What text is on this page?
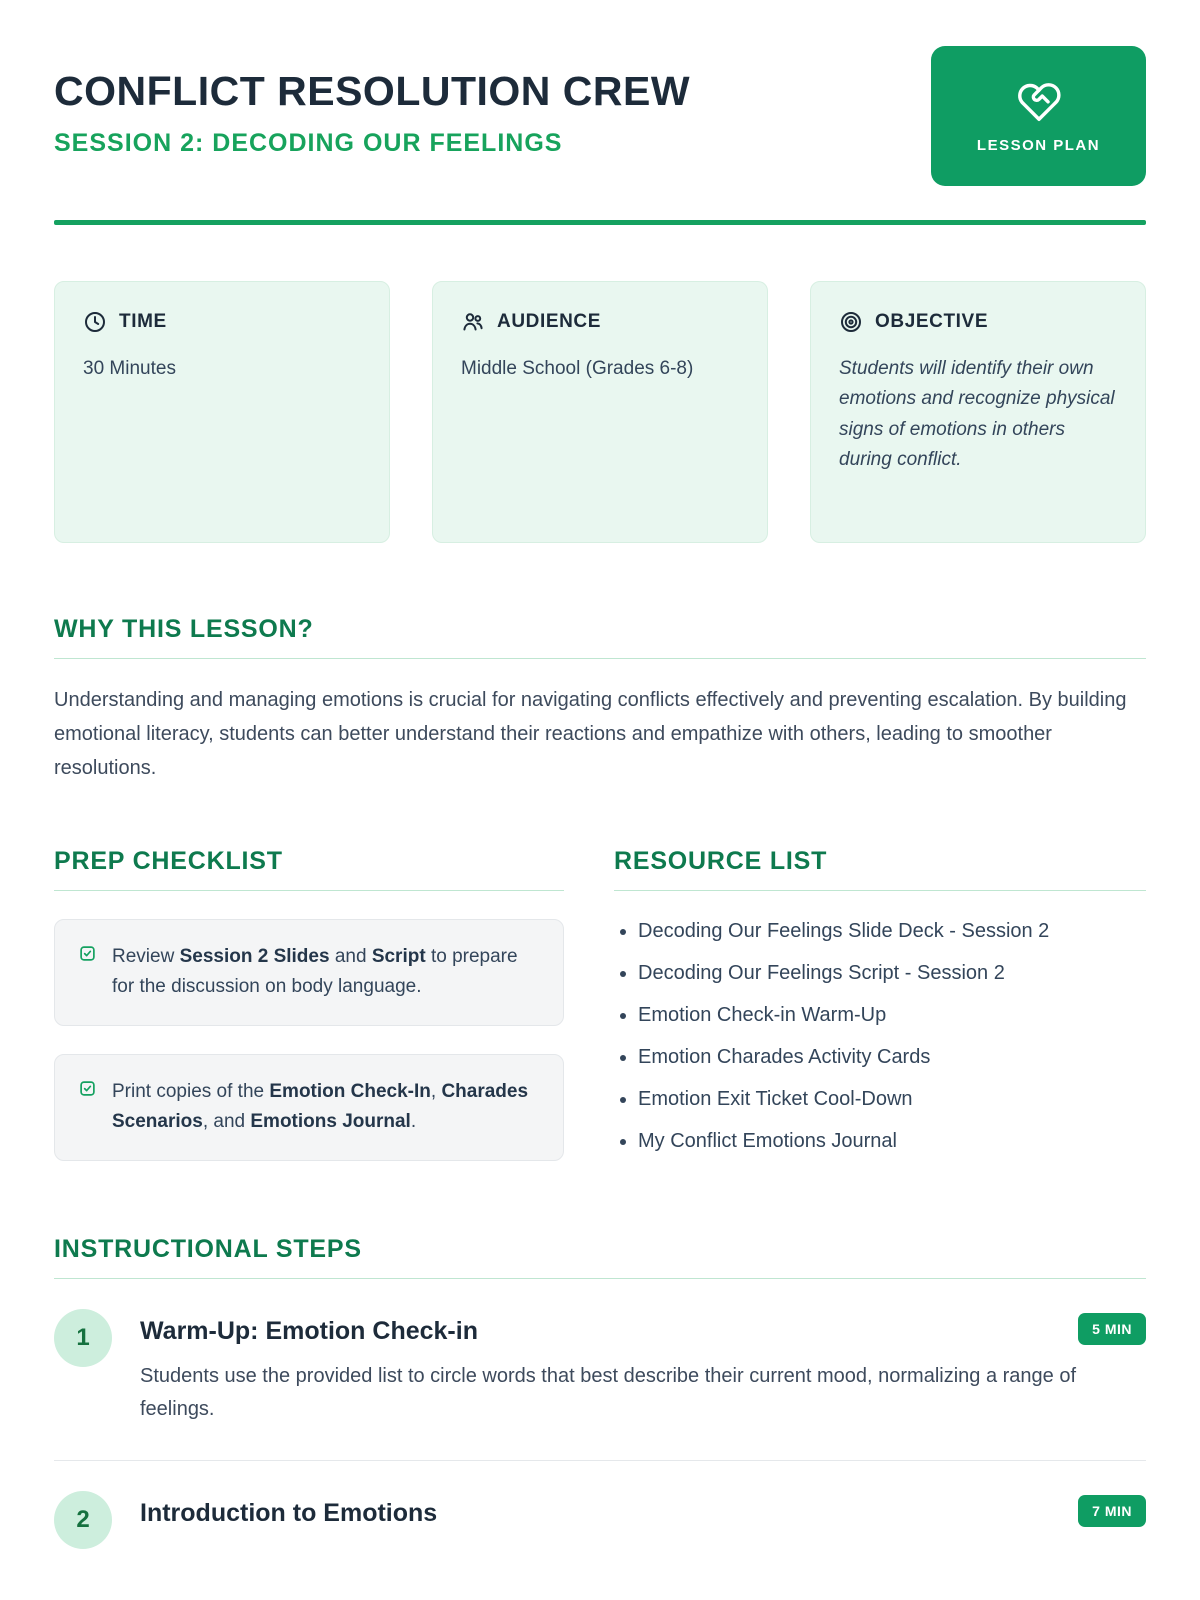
CONFLICT RESOLUTION CREW
SESSION 2: DECODING OUR FEELINGS	LESSON PLAN
TIME
30 Minutes
AUDIENCE
Middle School (Grades 6-8)
OBJECTIVE
Students will identify their own emotions and recognize physical signs of emotions in others during conflict.
WHY THIS LESSON?

Understanding and managing emotions is crucial for navigating conflicts effectively and preventing escalation. By building emotional literacy, students can better understand their reactions and empathize with others, leading to smoother resolutions.

PREP CHECKLIST

Review Session 2 Slides and Script to prepare for the discussion on body language.

Print copies of the Emotion Check-In, Charades Scenarios, and Emotions Journal.

RESOURCE LIST
• Decoding Our Feelings Slide Deck - Session 2
• Decoding Our Feelings Script - Session 2
• Emotion Check-in Warm-Up
• Emotion Charades Activity Cards
• Emotion Exit Ticket Cool-Down
• My Conflict Emotions Journal
INSTRUCTIONAL STEPS
1	Warm-Up: Emotion Check-in	5 MIN

Students use the provided list to circle words that best describe their current mood, normalizing a range of feelings.

2	Introduction to Emotions	7 MIN
